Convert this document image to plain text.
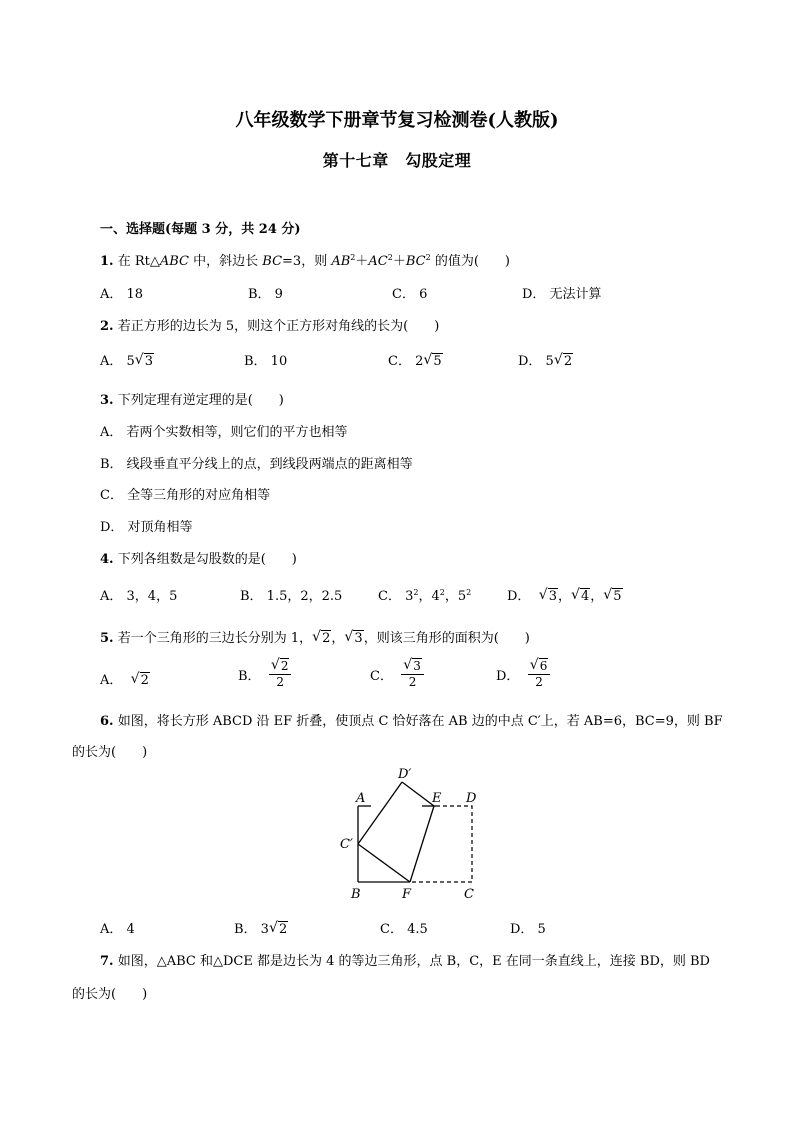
八年级数学下册章节复习检测卷(人教版)
第十七章　勾股定理
一、选择题(每题 3 分，共 24 分)
1. 在 Rt△ABC 中，斜边长 BC=3，则 $AB^2+AC^2+BC^2$ 的值为(　　)
A． 18	B． 9	C． 6	D． 无法计算
2. 若正方形的边长为 5，则这个正方形对角线的长为(　　)
A． 5 √ 3	B． 10	C． 2 √ 5	D． 5 √ 2
3. 下列定理有逆定理的是(　　)
A． 若两个实数相等，则它们的平方也相等
B． 线段垂直平分线上的点，到线段两端点的距离相等
C． 全等三角形的对应角相等
D． 对顶角相等
4. 下列各组数是勾股数的是(　　)
A． 3，4，5	B． 1.5，2，2.5	C． $3^2$，$4^2$，$5^2$	D． √ 3， √ 4， √ 5
5. 若一个三角形的三边长分别为 1， √ 2， √ 3，则该三角形的面积为(　　)
A． √ 2	B． √ $\frac{2}{2}$	C． √ $\frac{3}{2}$	D． √ $\frac{6}{2}$
6. 如图，将长方形 ABCD 沿 EF 折叠，使顶点 C 恰好落在 AB 边的中点 C′上，若 AB=6，BC=9，则 BF
的长为(　　)
A
B	C
D
E
F
C′
D′
A． 4	B． 3 √ 2	C． 4.5	D． 5
7. 如图，△ABC 和△DCE 都是边长为 4 的等边三角形，点 B，C，E 在同一条直线上，连接 BD，则 BD
的长为(　　)
